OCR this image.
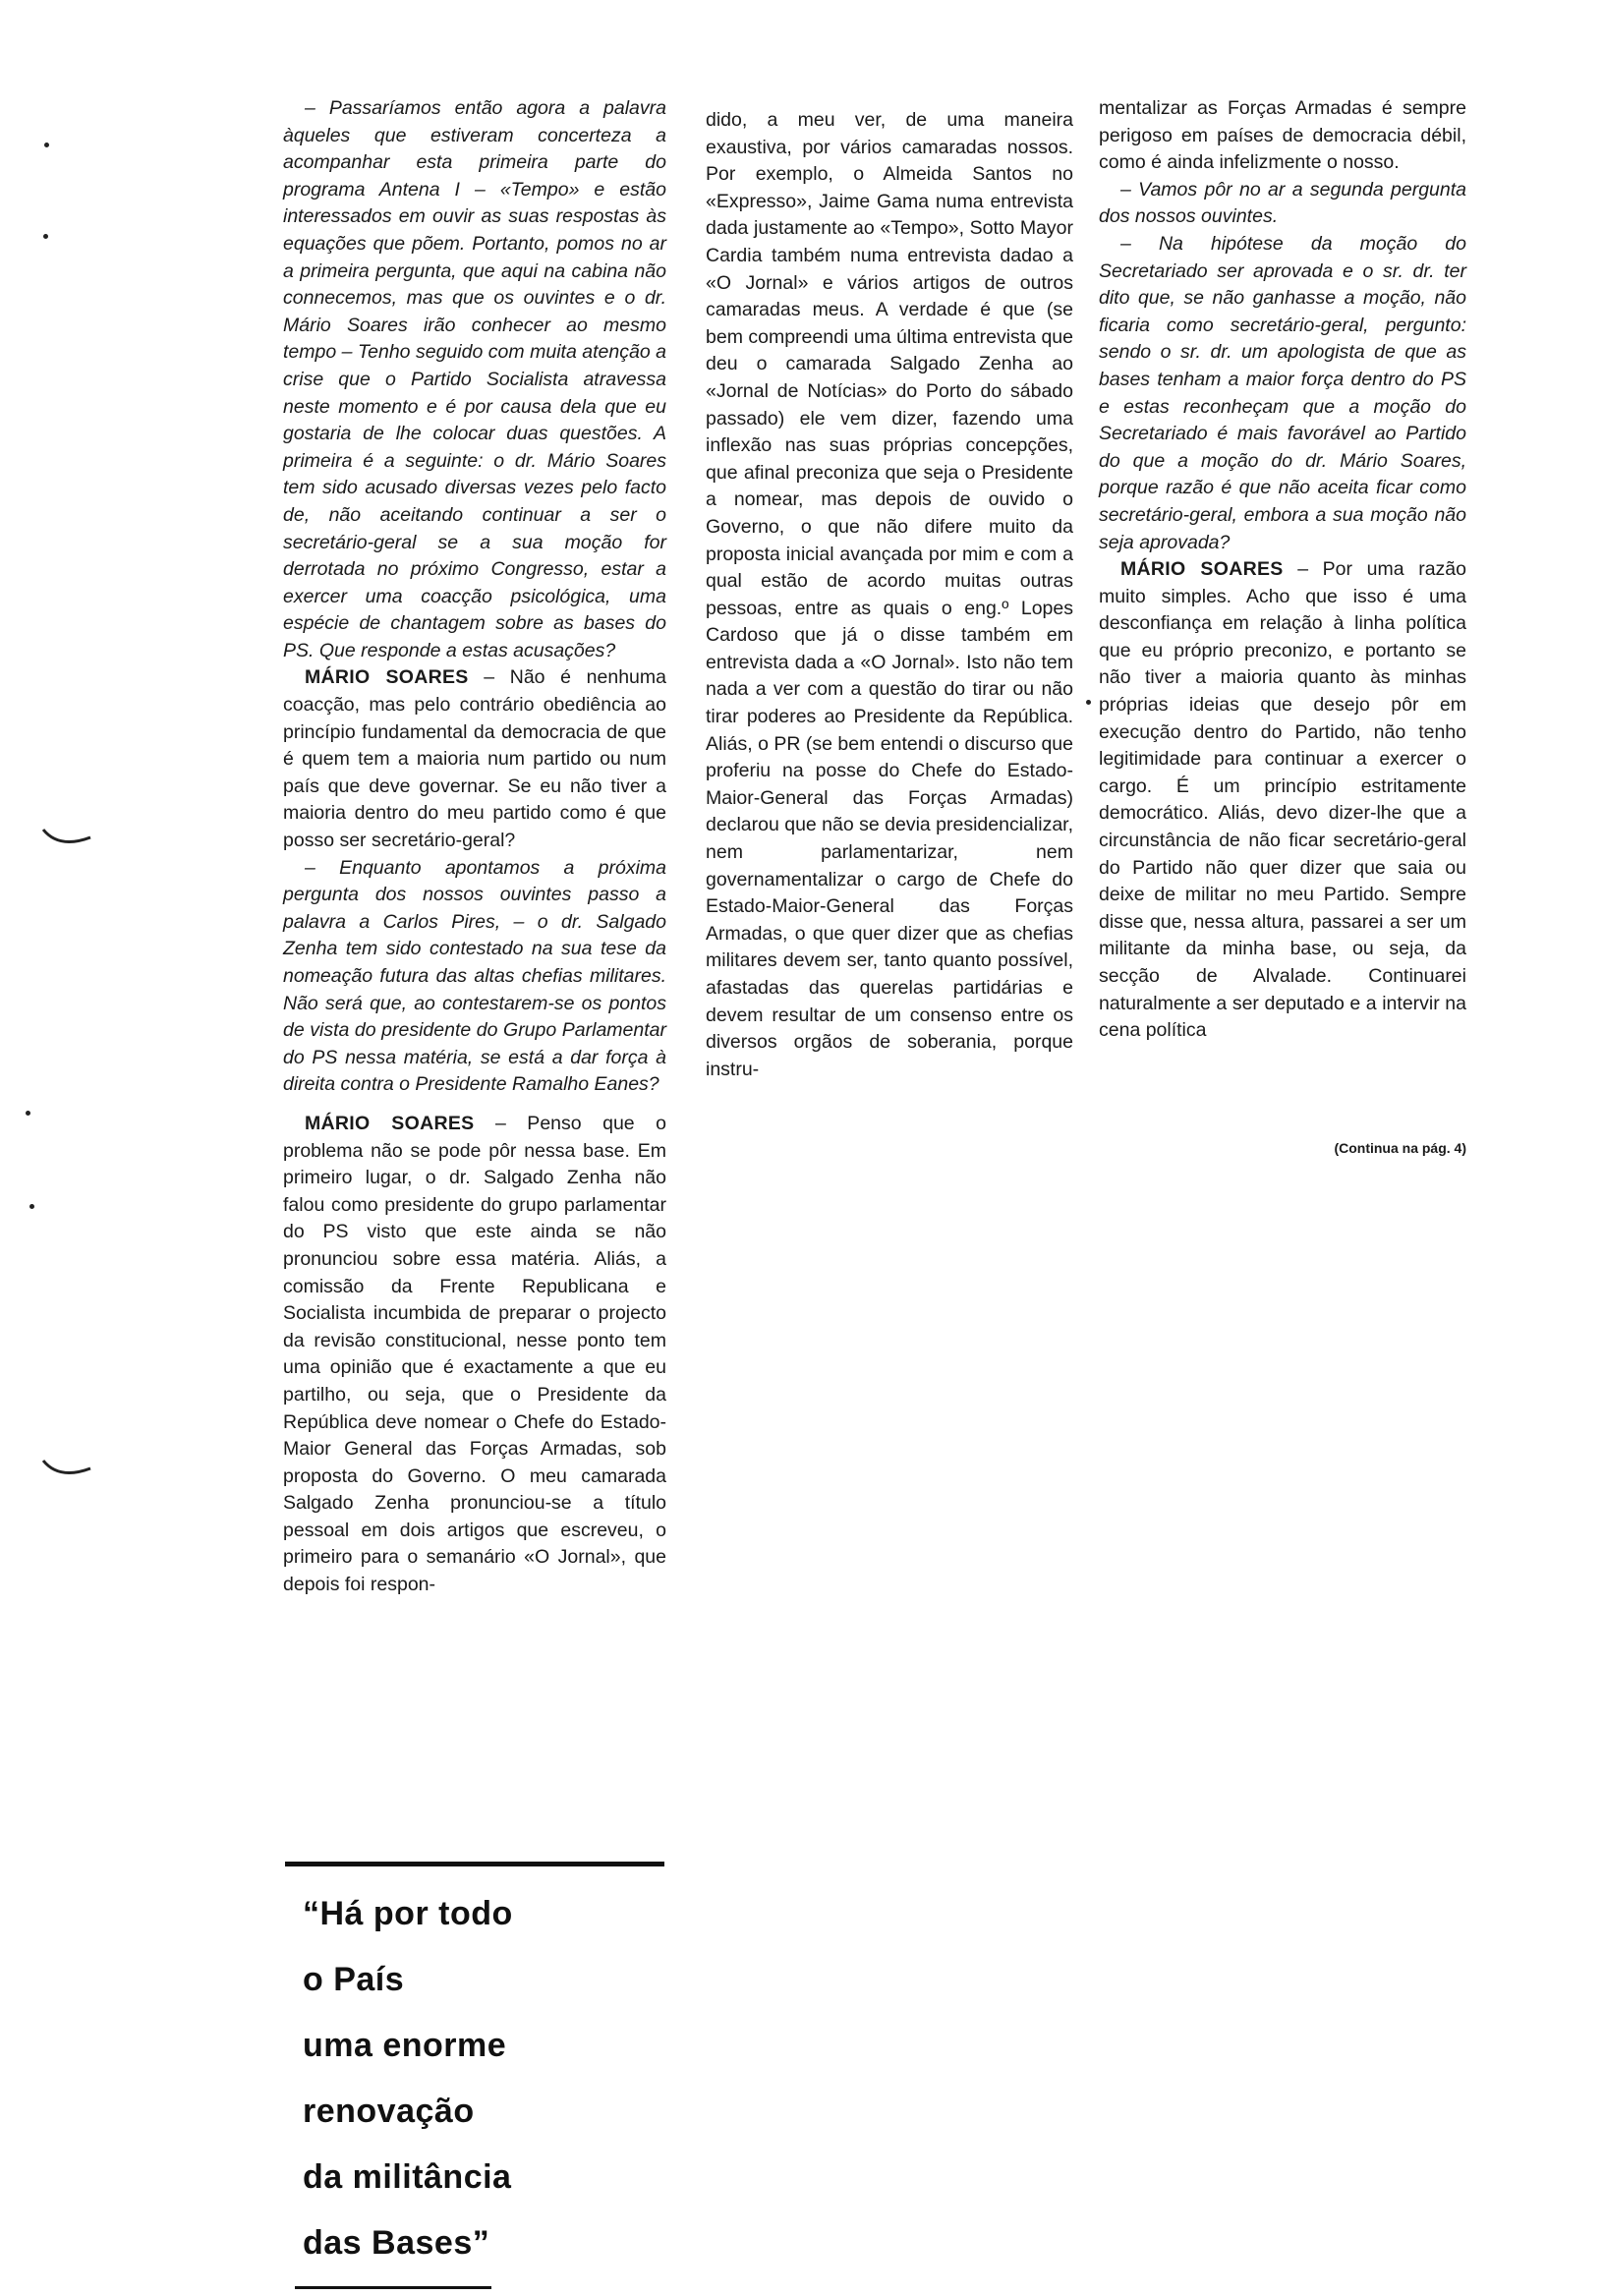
– Passaríamos então agora a palavra àqueles que estiveram concerteza a acompanhar esta primeira parte do programa Antena I – «Tempo» e estão interessados em ouvir as suas respostas às equações que põem. Portanto, pomos no ar a primeira pergunta, que aqui na cabina não connecemos, mas que os ouvintes e o dr. Mário Soares irão conhecer ao mesmo tempo – Tenho seguido com muita atenção a crise que o Partido Socialista atravessa neste momento e é por causa dela que eu gostaria de lhe colocar duas questões. A primeira é a seguinte: o dr. Mário Soares tem sido acusado diversas vezes pelo facto de, não aceitando continuar a ser o secretário-geral se a sua moção for derrotada no próximo Congresso, estar a exercer uma coacção psicológica, uma espécie de chantagem sobre as bases do PS. Que responde a estas acusações?

MÁRIO SOARES – Não é nenhuma coacção, mas pelo contrário obediência ao princípio fundamental da democracia de que é quem tem a maioria num partido ou num país que deve governar. Se eu não tiver a maioria dentro do meu partido como é que posso ser secretário-geral?

– Enquanto apontamos a próxima pergunta dos nossos ouvintes passo a palavra a Carlos Pires, – o dr. Salgado Zenha tem sido contestado na sua tese da nomeação futura das altas chefias militares. Não será que, ao contestarem-se os pontos de vista do presidente do Grupo Parlamentar do PS nessa matéria, se está a dar força à direita contra o Presidente Ramalho Eanes?

MÁRIO SOARES – Penso que o problema não se pode pôr nessa base. Em primeiro lugar, o dr. Salgado Zenha não falou como presidente do grupo parlamentar do PS visto que este ainda se não pronunciou sobre essa matéria. Aliás, a comissão da Frente Republicana e Socialista incumbida de preparar o projecto da revisão constitucional, nesse ponto tem uma opinião que é exactamente a que eu partilho, ou seja, que o Presidente da República deve nomear o Chefe do Estado-Maior General das Forças Armadas, sob proposta do Governo. O meu camarada Salgado Zenha pronunciou-se a título pessoal em dois artigos que escreveu, o primeiro para o semanário «O Jornal», que depois foi respon-

dido, a meu ver, de uma maneira exaustiva, por vários camaradas nossos. Por exemplo, o Almeida Santos no «Expresso», Jaime Gama numa entrevista dada justamente ao «Tempo», Sotto Mayor Cardia também numa entrevista dadao a «O Jornal» e vários artigos de outros camaradas meus. A verdade é que (se bem compreendi uma última entrevista que deu o camarada Salgado Zenha ao «Jornal de Notícias» do Porto do sábado passado) ele vem dizer, fazendo uma inflexão nas suas próprias concepções, que afinal preconiza que seja o Presidente a nomear, mas depois de ouvido o Governo, o que não difere muito da proposta inicial avançada por mim e com a qual estão de acordo muitas outras pessoas, entre as quais o eng.º Lopes Cardoso que já o disse também em entrevista dada a «O Jornal». Isto não tem nada a ver com a questão do tirar ou não tirar poderes ao Presidente da República. Aliás, o PR (se bem entendi o discurso que proferiu na posse do Chefe do Estado-Maior-General das Forças Armadas) declarou que não se devia presidencializar, nem parlamentarizar, nem governamentalizar o cargo de Chefe do Estado-Maior-General das Forças Armadas, o que quer dizer que as chefias militares devem ser, tanto quanto possível, afastadas das querelas partidárias e devem resultar de um consenso entre os diversos orgãos de soberania, porque instru-

mentalizar as Forças Armadas é sempre perigoso em países de democracia débil, como é ainda infelizmente o nosso.

– Vamos pôr no ar a segunda pergunta dos nossos ouvintes.

– Na hipótese da moção do Secretariado ser aprovada e o sr. dr. ter dito que, se não ganhasse a moção, não ficaria como secretário-geral, pergunto: sendo o sr. dr. um apologista de que as bases tenham a maior força dentro do PS e estas reconheçam que a moção do Secretariado é mais favorável ao Partido do que a moção do dr. Mário Soares, porque razão é que não aceita ficar como secretário-geral, embora a sua moção não seja aprovada?

MÁRIO SOARES – Por uma razão muito simples. Acho que isso é uma desconfiança em relação à linha política que eu próprio preconizo, e portanto se não tiver a maioria quanto às minhas próprias ideias que desejo pôr em execução dentro do Partido, não tenho legitimidade para continuar a exercer o cargo. É um princípio estritamente democrático. Aliás, devo dizer-lhe que a circunstância de não ficar secretário-geral do Partido não quer dizer que saia ou deixe de militar no meu Partido. Sempre disse que, nessa altura, passarei a ser um militante da minha base, ou seja, da secção de Alvalade. Continuarei naturalmente a ser deputado e a intervir na cena política

(Continua na pág. 4)
“Há por todo
o País
uma enorme
renovação
da militância
das Bases”
